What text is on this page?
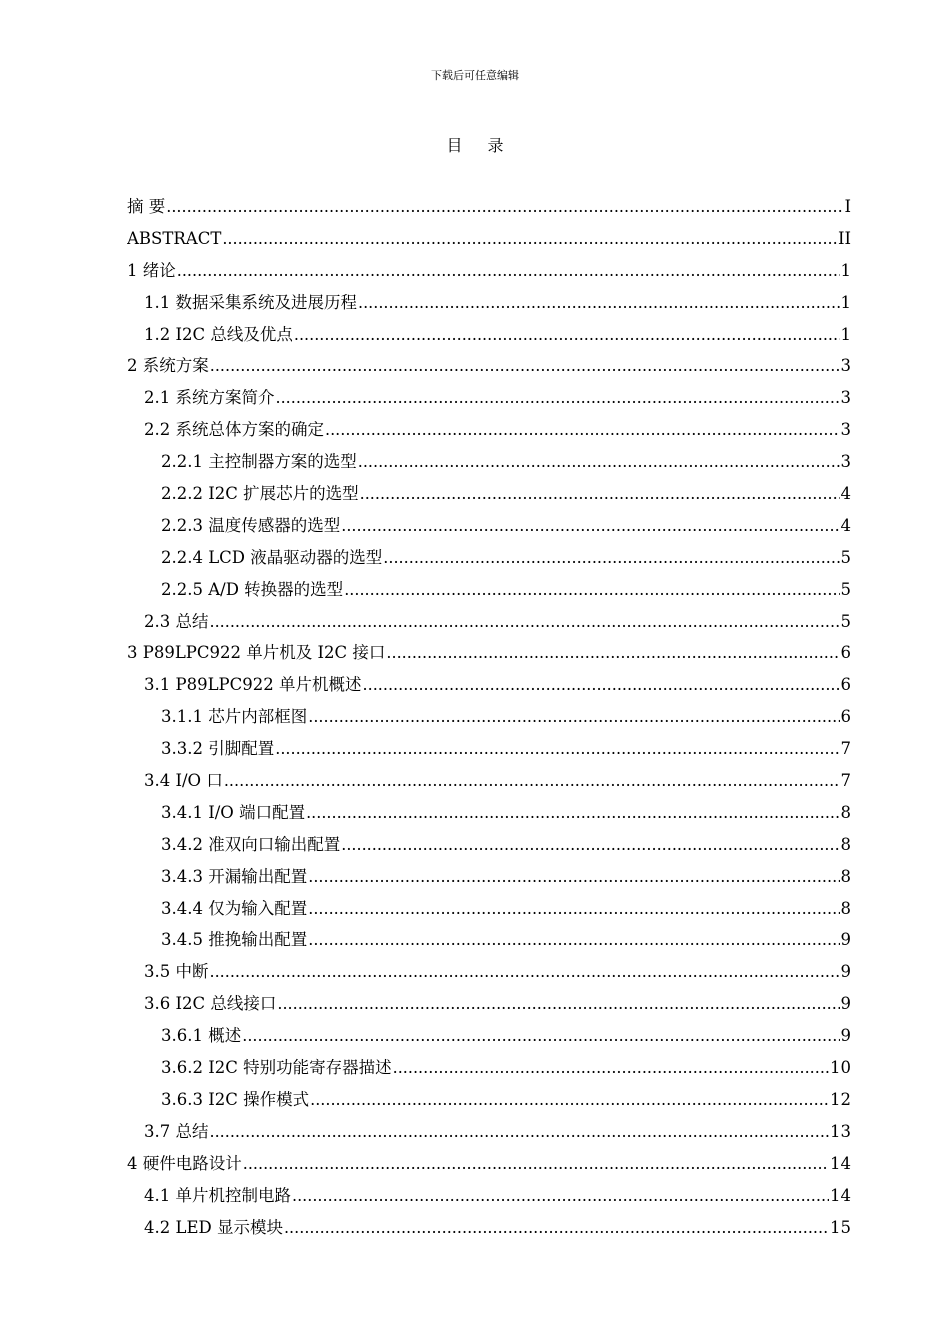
下载后可任意编辑
目 录
摘 要 .....	I
ABSTRACT .....	II
1 绪论 .....	1
1.1 数据采集系统及进展历程 .....	1
1.2 I2C 总线及优点 .....	1
2 系统方案 .....	3
2.1 系统方案简介 .....	3
2.2 系统总体方案的确定 .....	3
2.2.1 主控制器方案的选型 .....	3
2.2.2 I2C 扩展芯片的选型 .....	4
2.2.3 温度传感器的选型 .....	4
2.2.4 LCD 液晶驱动器的选型 .....	5
2.2.5 A/D 转换器的选型 .....	5
2.3 总结 .....	5
3 P89LPC922 单片机及 I2C 接口 .....	6
3.1 P89LPC922 单片机概述 .....	6
3.1.1 芯片内部框图 .....	6
3.3.2 引脚配置 .....	7
3.4 I/O 口 .....	7
3.4.1 I/O 端口配置 .....	8
3.4.2 准双向口输出配置 .....	8
3.4.3 开漏输出配置 .....	8
3.4.4 仅为输入配置 .....	8
3.4.5 推挽输出配置 .....	9
3.5 中断 .....	9
3.6 I2C 总线接口 .....	9
3.6.1 概述 .....	9
3.6.2 I2C 特别功能寄存器描述 .....	10
3.6.3 I2C 操作模式 .....	12
3.7 总结 .....	13
4 硬件电路设计 .....	14
4.1 单片机控制电路 .....	14
4.2 LED 显示模块 .....	15
